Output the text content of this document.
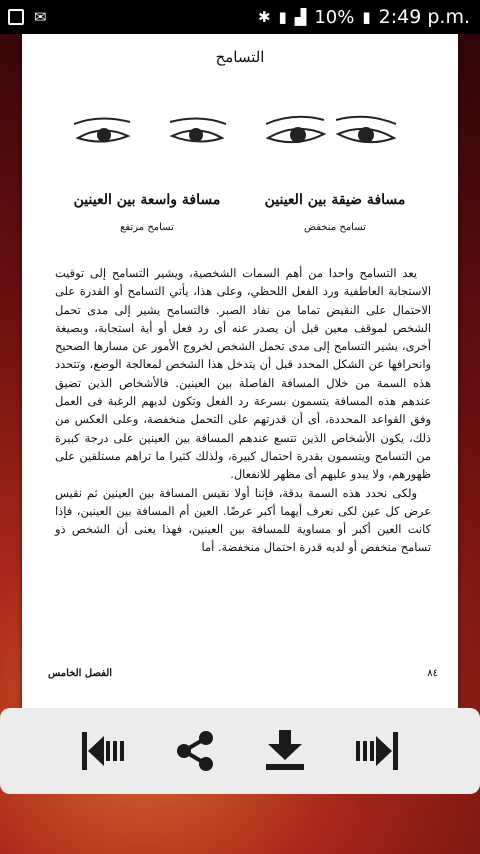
✉	✱ ▮ ▟ 10% ▮ 2:49 p.m.
التسامح
مسافة واسعة بين العينين
تسامح مرتفع
مسافة ضيقة بين العينين
تسامح منخفض

يعد التسامح واحدا من أهم السمات الشخصية، ويشير التسامح إلى توقيت الاستجابة العاطفية ورد الفعل اللحظي، وعلى هذا، يأتي التسامح أو القدرة على الاحتمال على النقيض تماما من نفاد الصبر. فالتسامح يشير إلى مدى تحمل الشخص لموقف معين قبل أن يصدر عنه أى رد فعل أو أية استجابة، وبصيغة أخرى، يشير التسامح إلى مدى تحمل الشخص لخروج الأمور عن مسارها الصحيح وانحرافها عن الشكل المحدد قبل أن يتدخل هذا الشخص لمعالجة الوضع، وتتحدد هذه السمة من خلال المسافة الفاصلة بين العينين. فالأشخاص الذين تضيق عندهم هذه المسافة يتسمون بسرعة رد الفعل وتكون لديهم الرغبة فى العمل وفق القواعد المحددة، أى أن قدرتهم على التحمل منخفضة، وعلى العكس من ذلك، يكون الأشخاص الذين تتسع عندهم المسافة بين العينين على درجة كبيرة من التسامح ويتسمون بقدرة احتمال كبيرة، ولذلك كثيرا ما تراهم مستلقين على ظهورهم، ولا يبدو عليهم أى مظهر للانفعال.

ولكى نحدد هذه السمة بدقة، فإننا أولا نقيس المسافة بين العينين ثم نقيس عرض كل عين لكى نعرف أيهما أكبر عرضًا. العين أم المسافة بين العينين، فإذا كانت العين أكبر أو مساوية للمسافة بين العينين، فهذا يعنى أن الشخص ذو تسامح منخفض أو لديه قدرة احتمال منخفضة. أما

الفصل الخامس	٨٤
